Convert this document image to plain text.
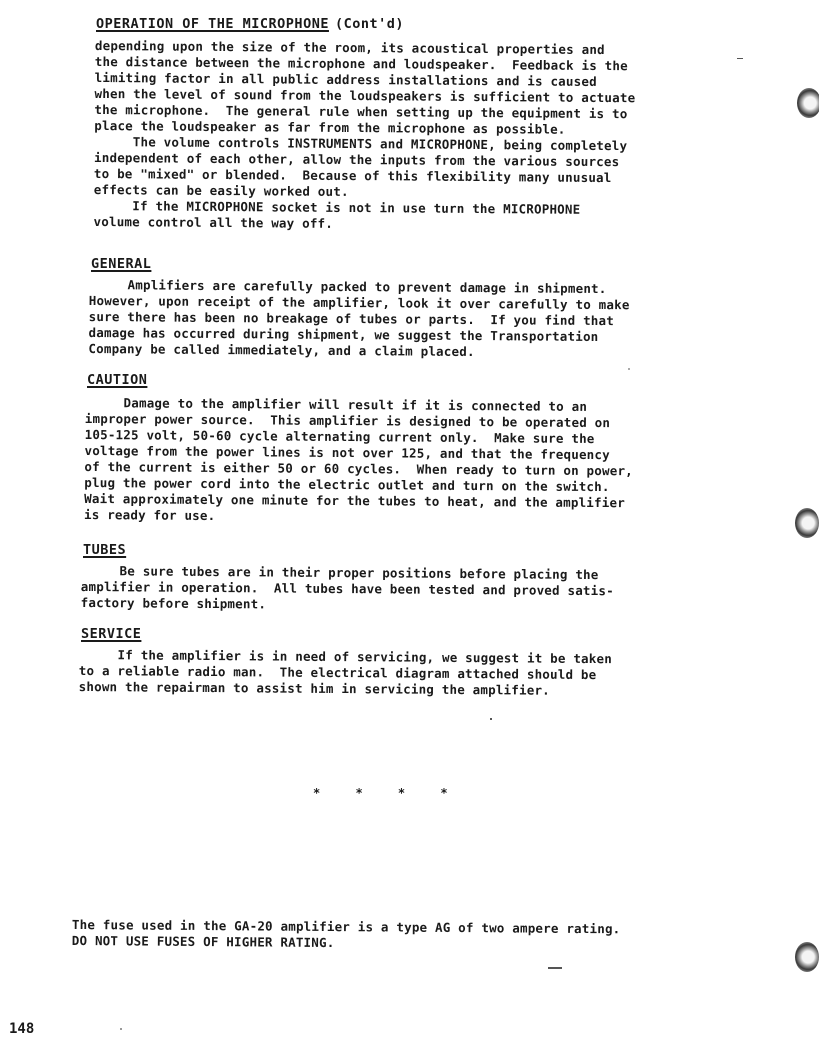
OPERATION OF THE MICROPHONE (Cont'd)
depending upon the size of the room, its acoustical properties and
the distance between the microphone and loudspeaker.  Feedback is the
limiting factor in all public address installations and is caused
when the level of sound from the loudspeakers is sufficient to actuate
the microphone.  The general rule when setting up the equipment is to
place the loudspeaker as far from the microphone as possible.
The volume controls INSTRUMENTS and MICROPHONE, being completely
independent of each other, allow the inputs from the various sources
to be "mixed" or blended.  Because of this flexibility many unusual
effects can be easily worked out.
If the MICROPHONE socket is not in use turn the MICROPHONE
volume control all the way off.
GENERAL
Amplifiers are carefully packed to prevent damage in shipment.
However, upon receipt of the amplifier, look it over carefully to make
sure there has been no breakage of tubes or parts.  If you find that
damage has occurred during shipment, we suggest the Transportation
Company be called immediately, and a claim placed.
CAUTION
Damage to the amplifier will result if it is connected to an
improper power source.  This amplifier is designed to be operated on
105-125 volt, 50-60 cycle alternating current only.  Make sure the
voltage from the power lines is not over 125, and that the frequency
of the current is either 50 or 60 cycles.  When ready to turn on power,
plug the power cord into the electric outlet and turn on the switch.
Wait approximately one minute for the tubes to heat, and the amplifier
is ready for use.
TUBES
Be sure tubes are in their proper positions before placing the
amplifier in operation.  All tubes have been tested and proved satis-
factory before shipment.
SERVICE
If the amplifier is in need of servicing, we suggest it be taken
to a reliable radio man.  The electrical diagram attached should be
shown the repairman to assist him in servicing the amplifier.
* * * *
The fuse used in the GA-20 amplifier is a type AG of two ampere rating.
DO NOT USE FUSES OF HIGHER RATING.
148
